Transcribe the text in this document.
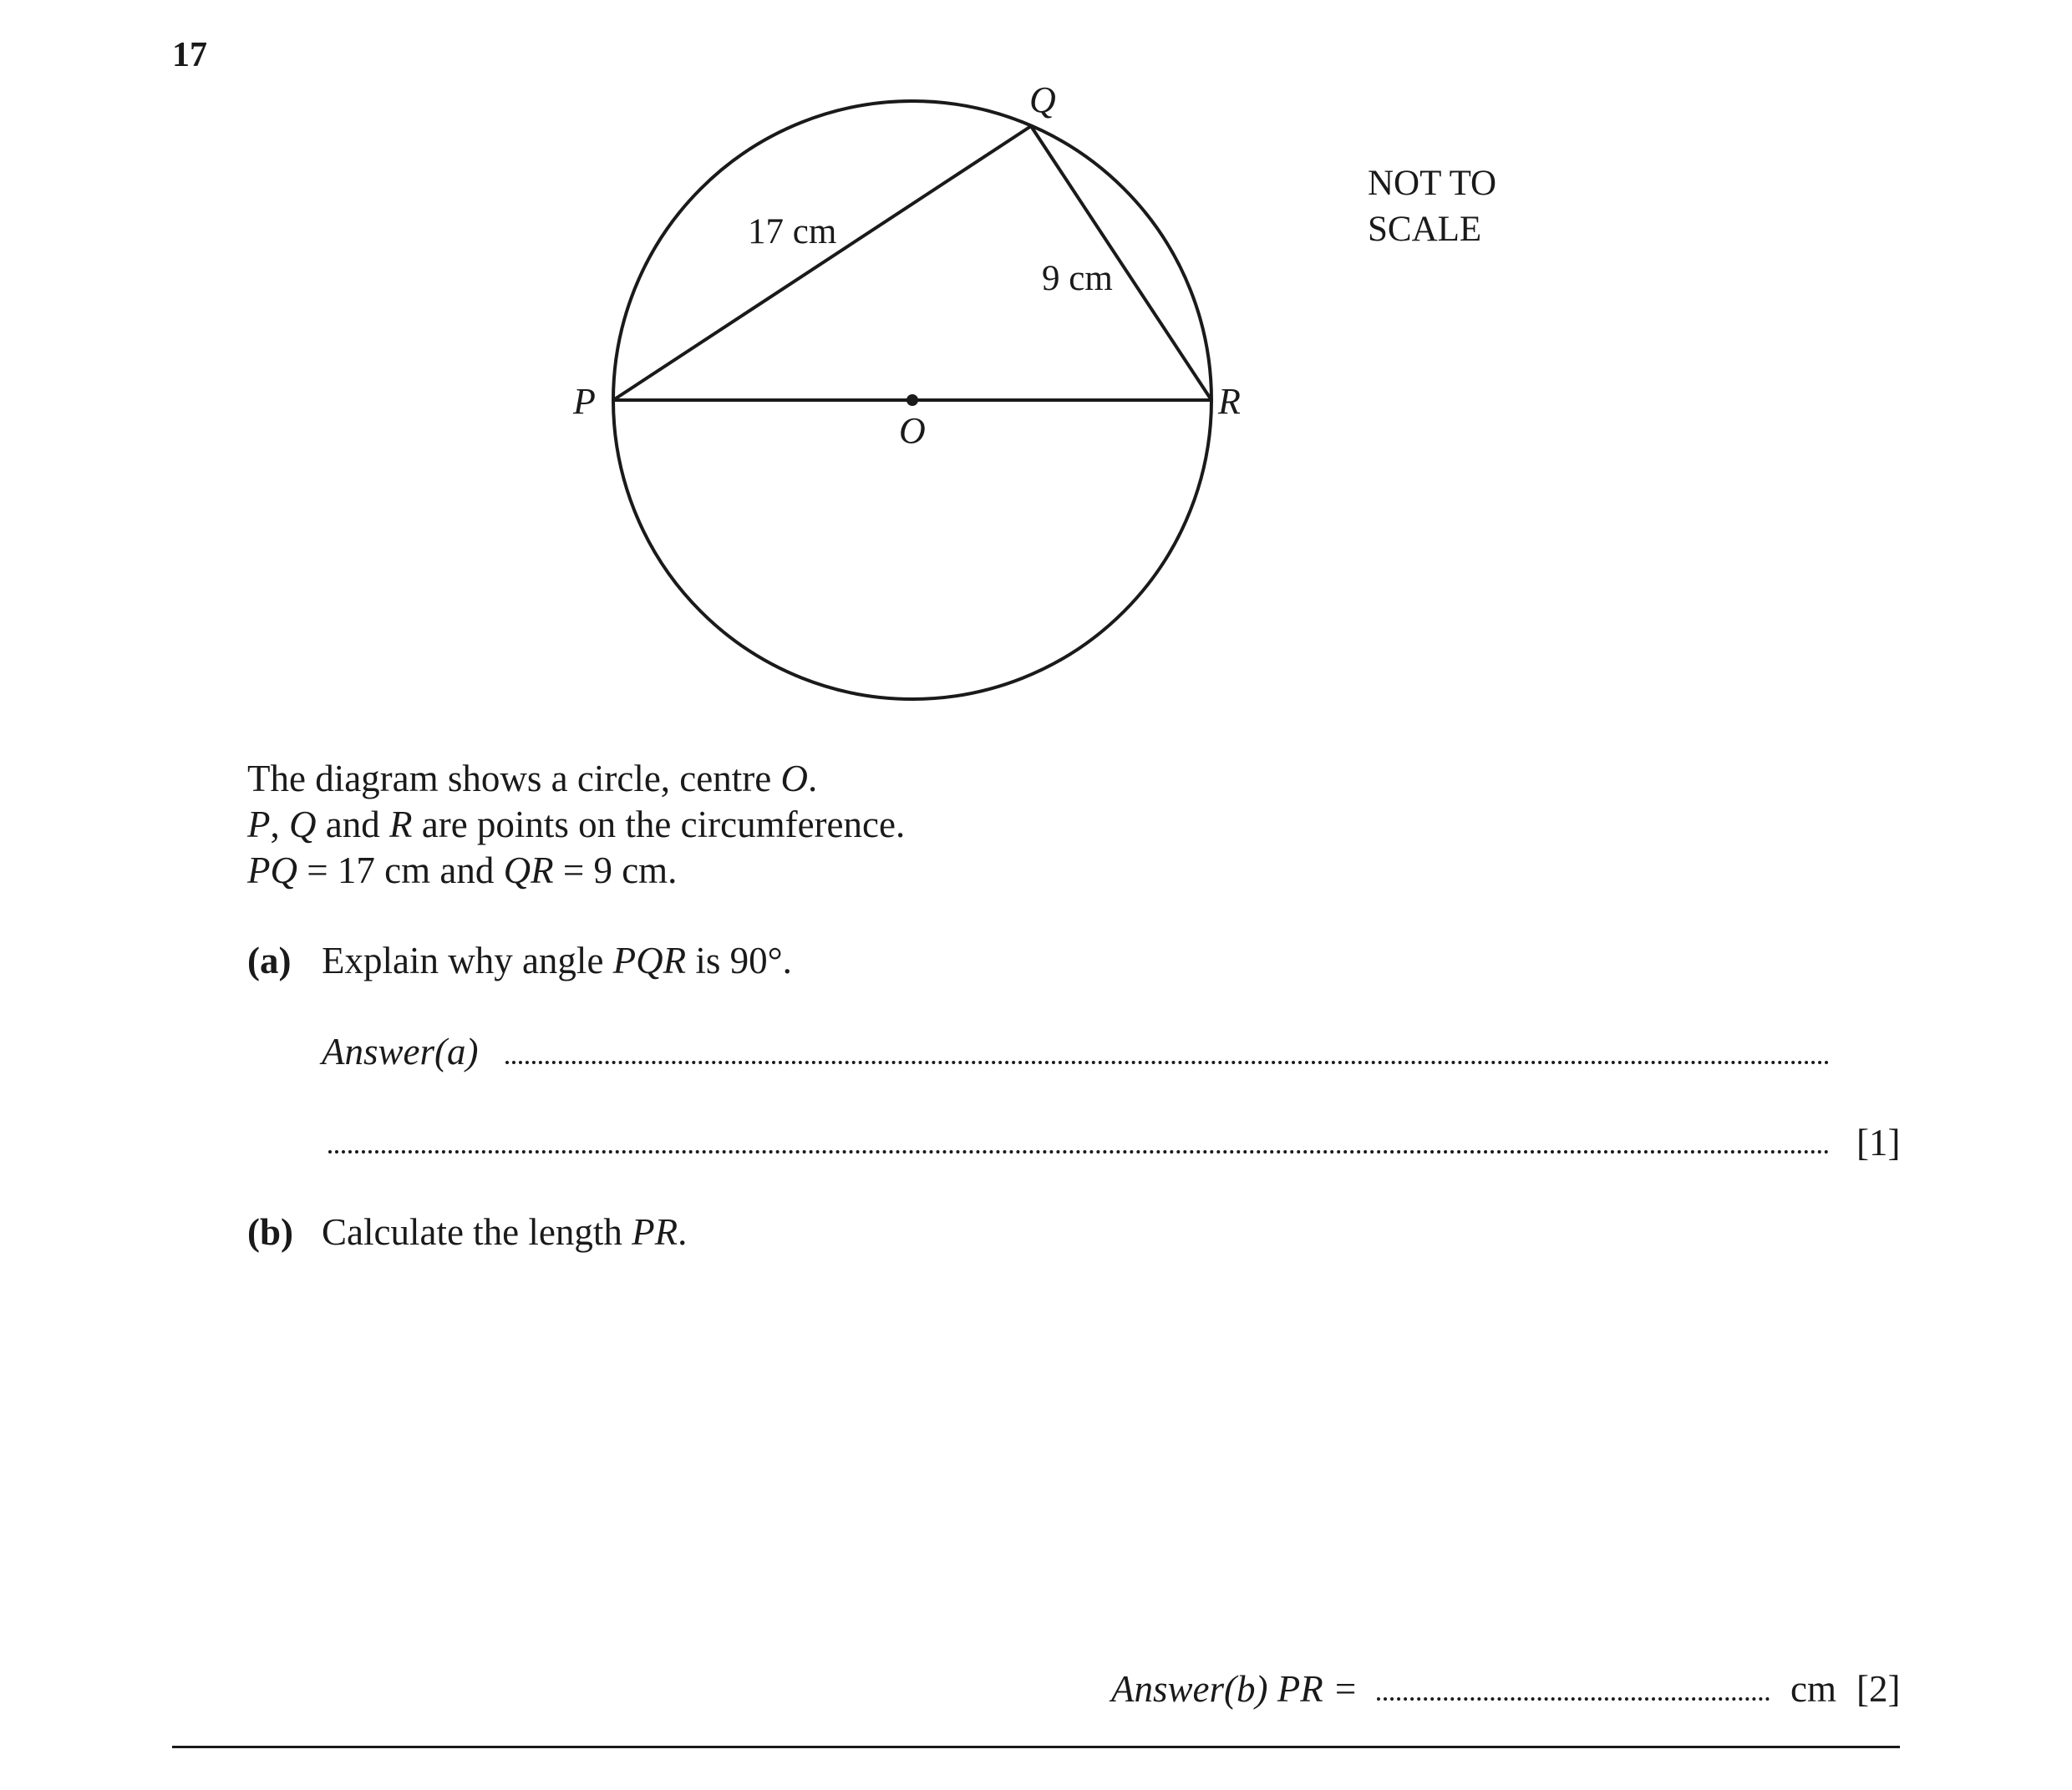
17
Q
P	R
O
17 cm
9 cm
NOT TO
SCALE
The diagram shows a circle, centre O.
P, Q and R are points on the circumference.
PQ = 17 cm and QR = 9 cm.
(a) Explain why angle PQR is 90°.
Answer(a)
[1]
(b) Calculate the length PR.
Answer(b) PR =	cm [2]
